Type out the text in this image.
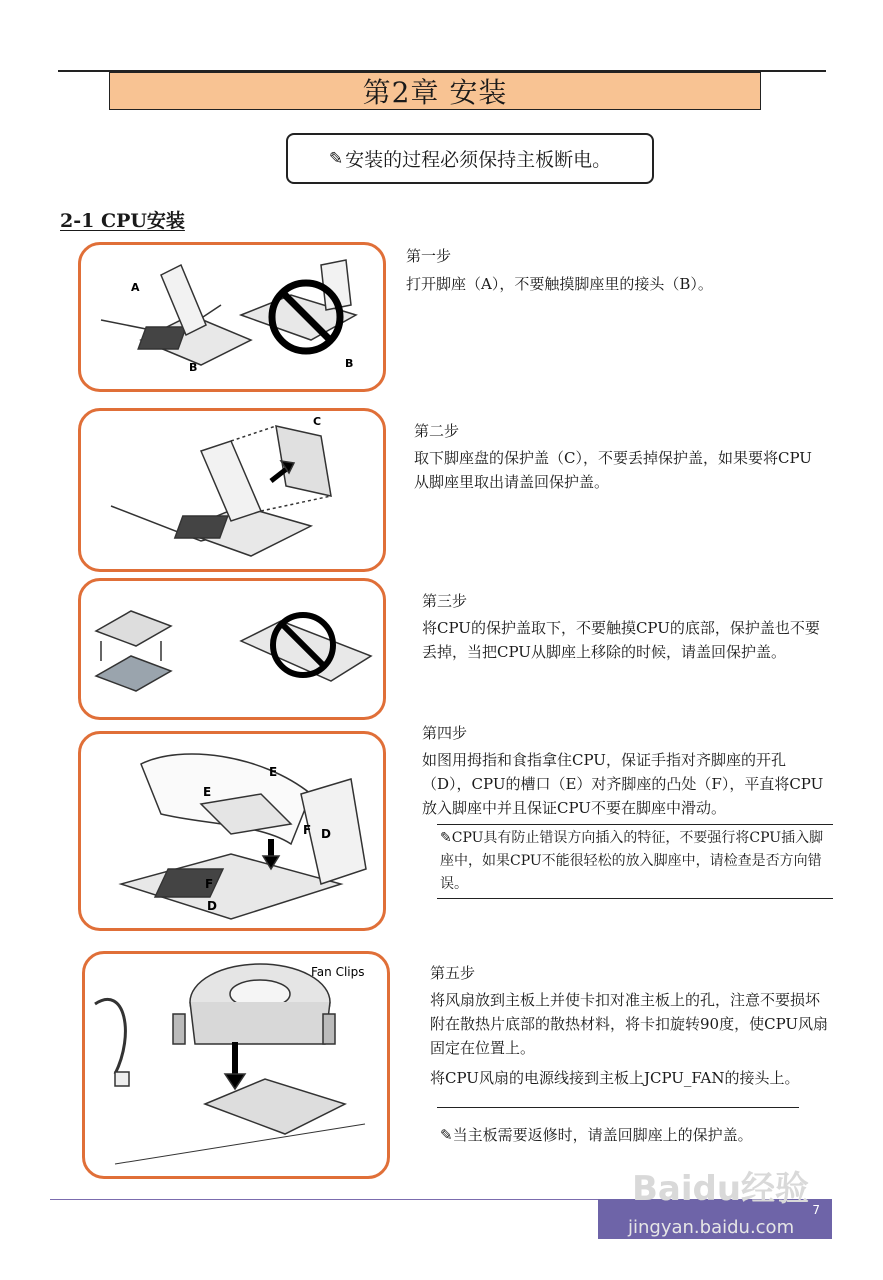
第2章 安装
✎ 安装的过程必须保持主板断电。
2-1 CPU安装
A
B	B
第一步
打开脚座（A），不要触摸脚座里的接头（B）。
C
第二步
取下脚座盘的保护盖（C），不要丢掉保护盖，如果要将CPU从脚座里取出请盖回保护盖。
第三步
将CPU的保护盖取下，不要触摸CPU的底部，保护盖也不要丢掉，当把CPU从脚座上移除的时候，请盖回保护盖。
E
E
F D
F
D
第四步
如图用拇指和食指拿住CPU，保证手指对齐脚座的开孔（D），CPU的槽口（E）对齐脚座的凸处（F），平直将CPU放入脚座中并且保证CPU不要在脚座中滑动。
✎CPU具有防止错误方向插入的特征，不要强行将CPU插入脚座中，如果CPU不能很轻松的放入脚座中，请检查是否方向错误。
Fan Clips	第五步
将风扇放到主板上并使卡扣对准主板上的孔，注意不要损坏附在散热片底部的散热材料，将卡扣旋转90度，使CPU风扇固定在位置上。
将CPU风扇的电源线接到主板上JCPU_FAN的接头上。
✎当主板需要返修时，请盖回脚座上的保护盖。
Baidu经验
jingyan.baidu.com
7
